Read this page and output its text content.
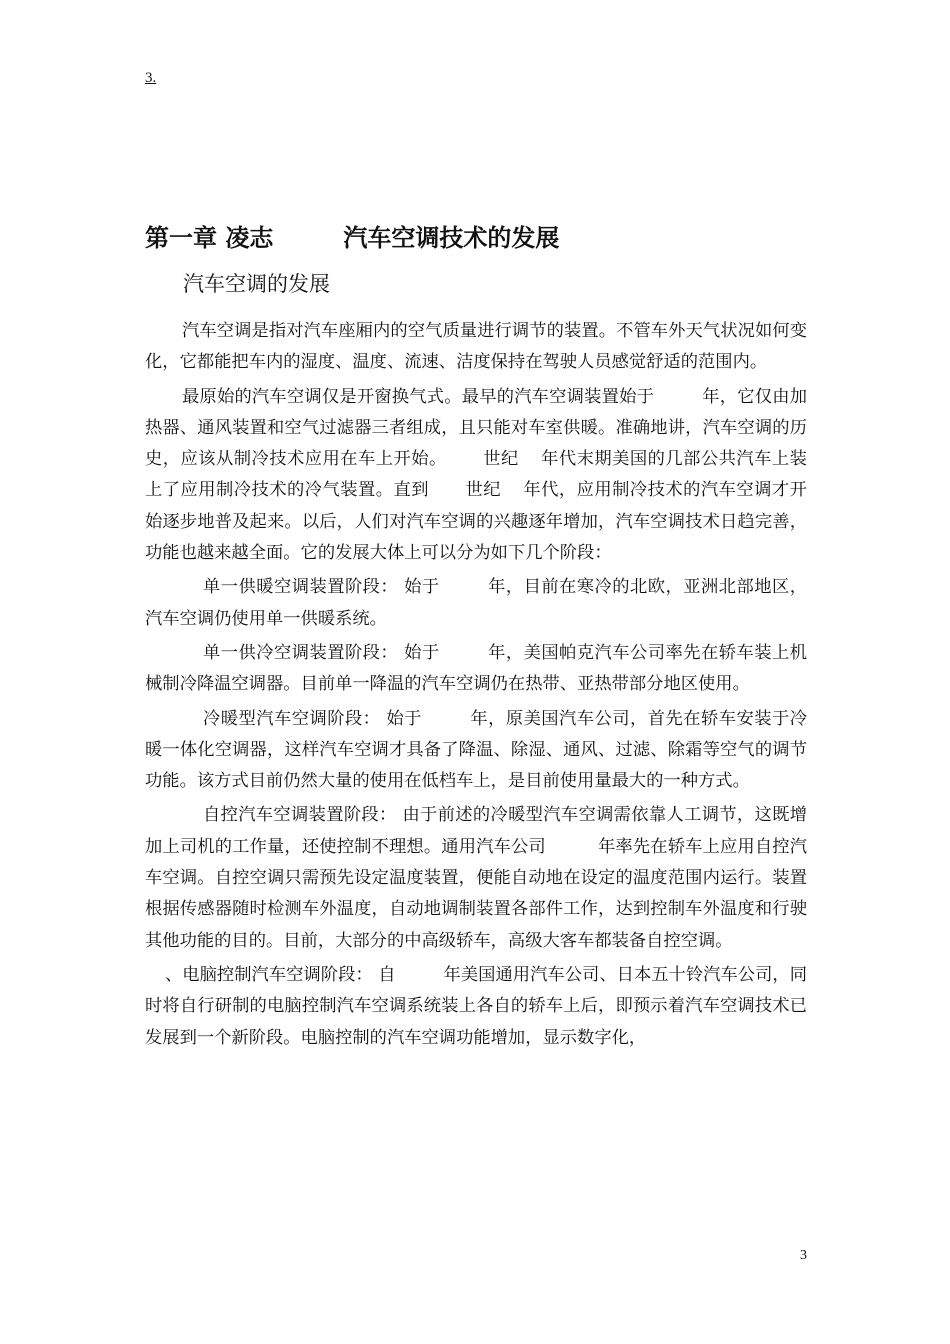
3.
第一章 凌志	汽车空调技术的发展
汽车空调的发展

汽车空调是指对汽车座厢内的空气质量进行调节的装置。不管车外天气状况如何变化，它都能把车内的湿度、温度、流速、洁度保持在驾驶人员感觉舒适的范围内。

最原始的汽车空调仅是开窗换气式。最早的汽车空调装置始于	年，它仅由加热器、通风装置和空气过滤器三者组成，且只能对车室供暖。准确地讲，汽车空调的历史，应该从制冷技术应用在车上开始。 世纪 年代末期美国的几部公共汽车上装上了应用制冷技术的冷气装置。直到 世纪 年代，应用制冷技术的汽车空调才开始逐步地普及起来。以后，人们对汽车空调的兴趣逐年增加，汽车空调技术日趋完善，功能也越来越全面。它的发展大体上可以分为如下几个阶段：

单一供暖空调装置阶段： 始于	年，目前在寒冷的北欧，亚洲北部地区，汽车空调仍使用单一供暖系统。

单一供冷空调装置阶段： 始于	年，美国帕克汽车公司率先在轿车装上机械制冷降温空调器。目前单一降温的汽车空调仍在热带、亚热带部分地区使用。

冷暖型汽车空调阶段： 始于	年，原美国汽车公司，首先在轿车安装于冷暖一体化空调器，这样汽车空调才具备了降温、除湿、通风、过滤、除霜等空气的调节功能。该方式目前仍然大量的使用在低档车上，是目前使用量最大的一种方式。

自控汽车空调装置阶段： 由于前述的冷暖型汽车空调需依靠人工调节，这既增加上司机的工作量，还使控制不理想。通用汽车公司	年率先在轿车上应用自控汽车空调。自控空调只需预先设定温度装置，便能自动地在设定的温度范围内运行。装置根据传感器随时检测车外温度，自动地调制装置各部件工作，达到控制车外温度和行驶其他功能的目的。目前，大部分的中高级轿车，高级大客车都装备自控空调。

、电脑控制汽车空调阶段： 自	年美国通用汽车公司、日本五十铃汽车公司，同时将自行研制的电脑控制汽车空调系统装上各自的轿车上后，即预示着汽车空调技术已发展到一个新阶段。电脑控制的汽车空调功能增加，显示数字化，

3
